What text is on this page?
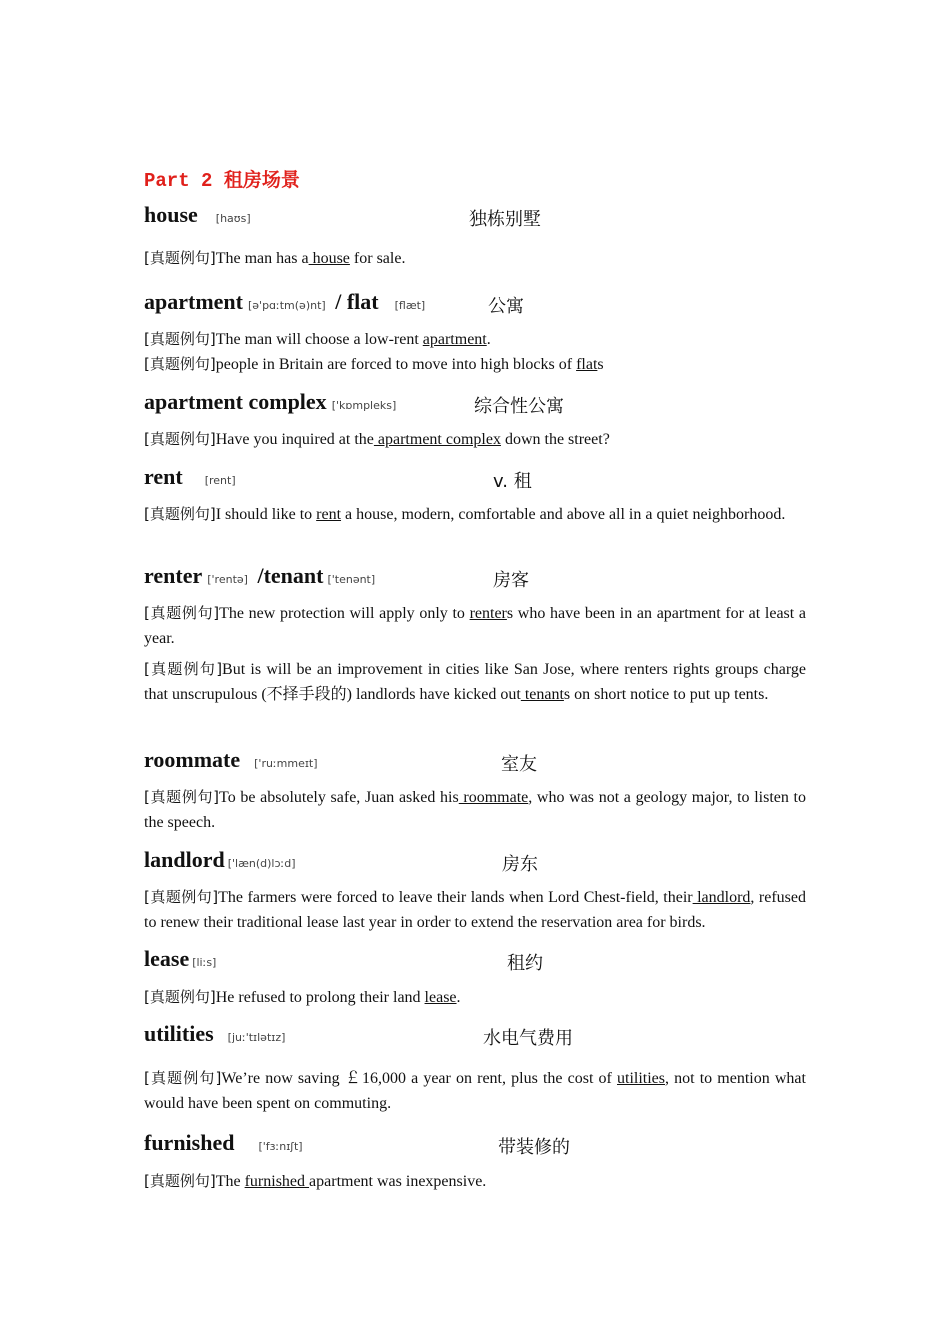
Part 2 租房场景
house [haʊs]	独栋别墅
[真题例句]The man has a house for sale.
apartment [ə'pɑːtm(ə)nt] / flat [flæt]	公寓
[真题例句]The man will choose a low-rent apartment.
[真题例句]people in Britain are forced to move into high blocks of flats
apartment complex ['kɒmpleks]	综合性公寓
[真题例句]Have you inquired at the apartment complex down the street?
rent [rent]	v. 租
[真题例句]I should like to rent a house, modern, comfortable and above all in a quiet neighborhood.
renter ['rentə] /tenant ['tenənt]	房客
[真题例句]The new protection will apply only to renters who have been in an apartment for at least a year.
[真题例句]But is will be an improvement in cities like San Jose, where renters rights groups charge that unscrupulous (不择手段的) landlords have kicked out tenants on short notice to put up tents.
roommate ['ruːmmeɪt]	室友
[真题例句]To be absolutely safe, Juan asked his roommate, who was not a geology major, to listen to the speech.
landlord ['læn(d)lɔːd]	房东
[真题例句]The farmers were forced to leave their lands when Lord Chest-field, their landlord, refused to renew their traditional lease last year in order to extend the reservation area for birds.
lease [liːs]	租约
[真题例句]He refused to prolong their land lease.
utilities [juː'tɪlətɪz]	水电气费用
[真题例句]We’re now saving ￡16,000 a year on rent, plus the cost of utilities, not to mention what would have been spent on commuting.
furnished ['fɜːnɪʃt]	带装修的
[真题例句]The furnished apartment was inexpensive.
